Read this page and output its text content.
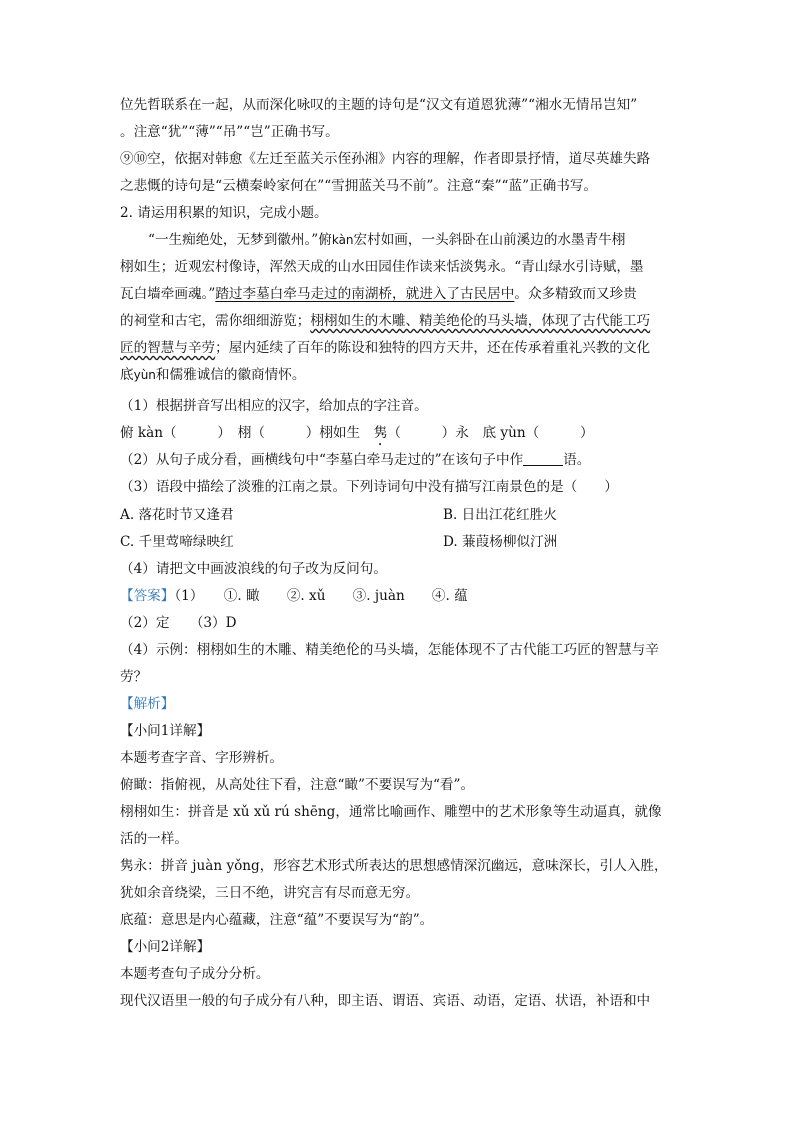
位先哲联系在一起，从而深化咏叹的主题的诗句是“汉文有道恩犹薄”“湘水无情吊岂知”
。注意“犹”“薄”“吊”“岂”正确书写。
⑨⑩空，依据对韩愈《左迁至蓝关示侄孙湘》内容的理解，作者即景抒情，道尽英雄失路
之悲慨的诗句是“云横秦岭家何在”“雪拥蓝关马不前”。注意“秦”“蓝”正确书写。
2. 请运用积累的知识，完成小题。
“一生痴绝处，无梦到徽州。”俯kàn宏村如画，一头斜卧在山前溪边的水墨青牛栩
栩如生；近观宏村像诗，浑然天成的山水田园佳作读来恬淡隽永。“青山绿水引诗赋，墨
瓦白墙牵画魂。”踏过李墓白牵马走过的南湖桥，就进入了古民居中。众多精致而又珍贵
的祠堂和古宅，需你细细游览；栩栩如生的木雕、精美绝伦的马头墙，体现了古代能工巧
匠的智慧与辛劳；屋内延续了百年的陈设和独特的四方天井，还在传承着重礼兴教的文化
底yùn和儒雅诚信的徽商情怀。
（1）根据拼音写出相应的汉字，给加点的字注音。
俯 kàn（　　　）　栩（　　　）栩如生　隽（　　　）永　底 yùn（　　　）
（2）从句子成分看，画横线句中“李墓白牵马走过的”在该句子中作	语。
（3）语段中描绘了淡雅的江南之景。下列诗词句中没有描写江南景色的是（　　）
A. 落花时节又逢君	B. 日出江花红胜火
C. 千里莺啼绿映红	D. 蒹葭杨柳似汀洲
（4）请把文中画波浪线的句子改为反问句。
【答案】（1）　　①. 瞰　　②. xǔ　　③. juàn　　④. 蕴
（2）定　　（3）D
（4）示例：栩栩如生的木雕、精美绝伦的马头墙，怎能体现不了古代能工巧匠的智慧与辛
劳？
【解析】
【小问1详解】
本题考查字音、字形辨析。
俯瞰：指俯视，从高处往下看，注意“瞰”不要误写为“看”。
栩栩如生：拼音是 xǔ xǔ rú shēng，通常比喻画作、雕塑中的艺术形象等生动逼真，就像
活的一样。
隽永：拼音 juàn yǒng，形容艺术形式所表达的思想感情深沉幽远，意味深长，引人入胜，
犹如余音绕梁，三日不绝，讲究言有尽而意无穷。
底蕴：意思是内心蕴藏，注意“蕴”不要误写为“韵”。
【小问2详解】
本题考查句子成分分析。
现代汉语里一般的句子成分有八种，即主语、谓语、宾语、动语，定语、状语，补语和中
